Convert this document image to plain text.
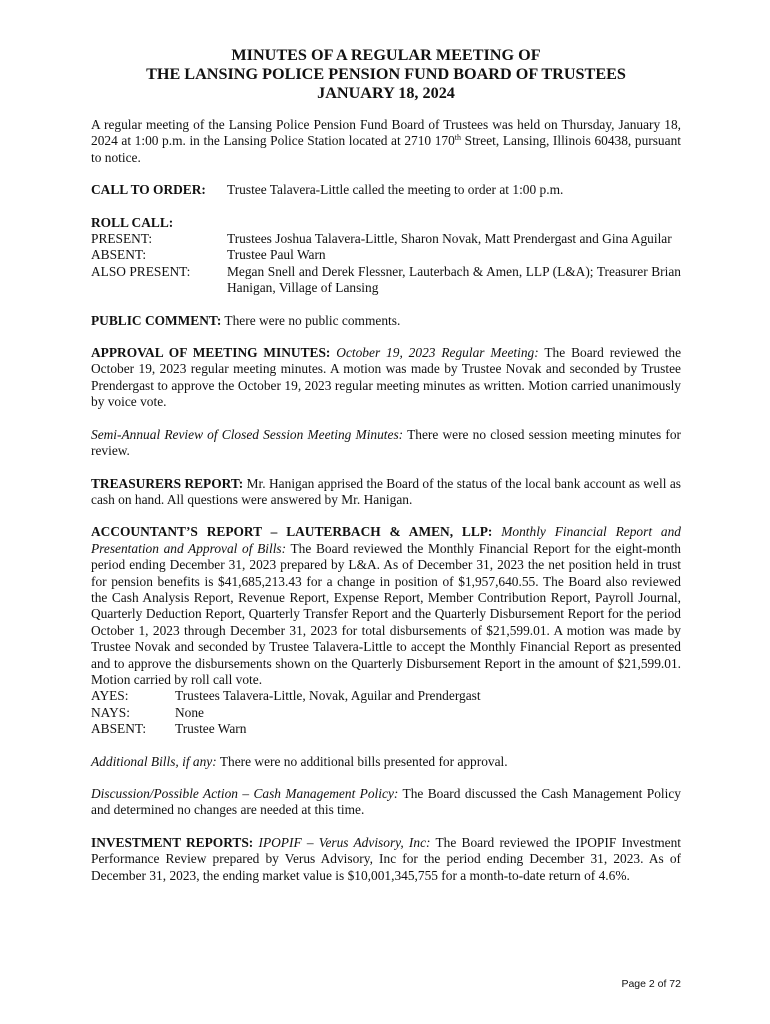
MINUTES OF A REGULAR MEETING OF
THE LANSING POLICE PENSION FUND BOARD OF TRUSTEES
JANUARY 18, 2024

A regular meeting of the Lansing Police Pension Fund Board of Trustees was held on Thursday, January 18, 2024 at 1:00 p.m. in the Lansing Police Station located at 2710 170th Street, Lansing, Illinois 60438, pursuant to notice.

CALL TO ORDER:	Trustee Talavera-Little called the meeting to order at 1:00 p.m.
ROLL CALL:
PRESENT:	Trustees Joshua Talavera-Little, Sharon Novak, Matt Prendergast and Gina Aguilar
ABSENT:	Trustee Paul Warn
ALSO PRESENT:	Megan Snell and Derek Flessner, Lauterbach & Amen, LLP (L&A); Treasurer Brian Hanigan, Village of Lansing

PUBLIC COMMENT: There were no public comments.

APPROVAL OF MEETING MINUTES: October 19, 2023 Regular Meeting: The Board reviewed the October 19, 2023 regular meeting minutes. A motion was made by Trustee Novak and seconded by Trustee Prendergast to approve the October 19, 2023 regular meeting minutes as written. Motion carried unanimously by voice vote.

Semi-Annual Review of Closed Session Meeting Minutes: There were no closed session meeting minutes for review.

TREASURERS REPORT: Mr. Hanigan apprised the Board of the status of the local bank account as well as cash on hand. All questions were answered by Mr. Hanigan.

ACCOUNTANT’S REPORT – LAUTERBACH & AMEN, LLP: Monthly Financial Report and Presentation and Approval of Bills: The Board reviewed the Monthly Financial Report for the eight-month period ending December 31, 2023 prepared by L&A. As of December 31, 2023 the net position held in trust for pension benefits is $41,685,213.43 for a change in position of $1,957,640.55. The Board also reviewed the Cash Analysis Report, Revenue Report, Expense Report, Member Contribution Report, Payroll Journal, Quarterly Deduction Report, Quarterly Transfer Report and the Quarterly Disbursement Report for the period October 1, 2023 through December 31, 2023 for total disbursements of $21,599.01. A motion was made by Trustee Novak and seconded by Trustee Talavera-Little to accept the Monthly Financial Report as presented and to approve the disbursements shown on the Quarterly Disbursement Report in the amount of $21,599.01. Motion carried by roll call vote.
AYES:	Trustees Talavera-Little, Novak, Aguilar and Prendergast
NAYS:	None
ABSENT:	Trustee Warn

Additional Bills, if any: There were no additional bills presented for approval.

Discussion/Possible Action – Cash Management Policy: The Board discussed the Cash Management Policy and determined no changes are needed at this time.

INVESTMENT REPORTS: IPOPIF – Verus Advisory, Inc: The Board reviewed the IPOPIF Investment Performance Review prepared by Verus Advisory, Inc for the period ending December 31, 2023. As of December 31, 2023, the ending market value is $10,001,345,755 for a month-to-date return of 4.6%.

Page 2 of 72
